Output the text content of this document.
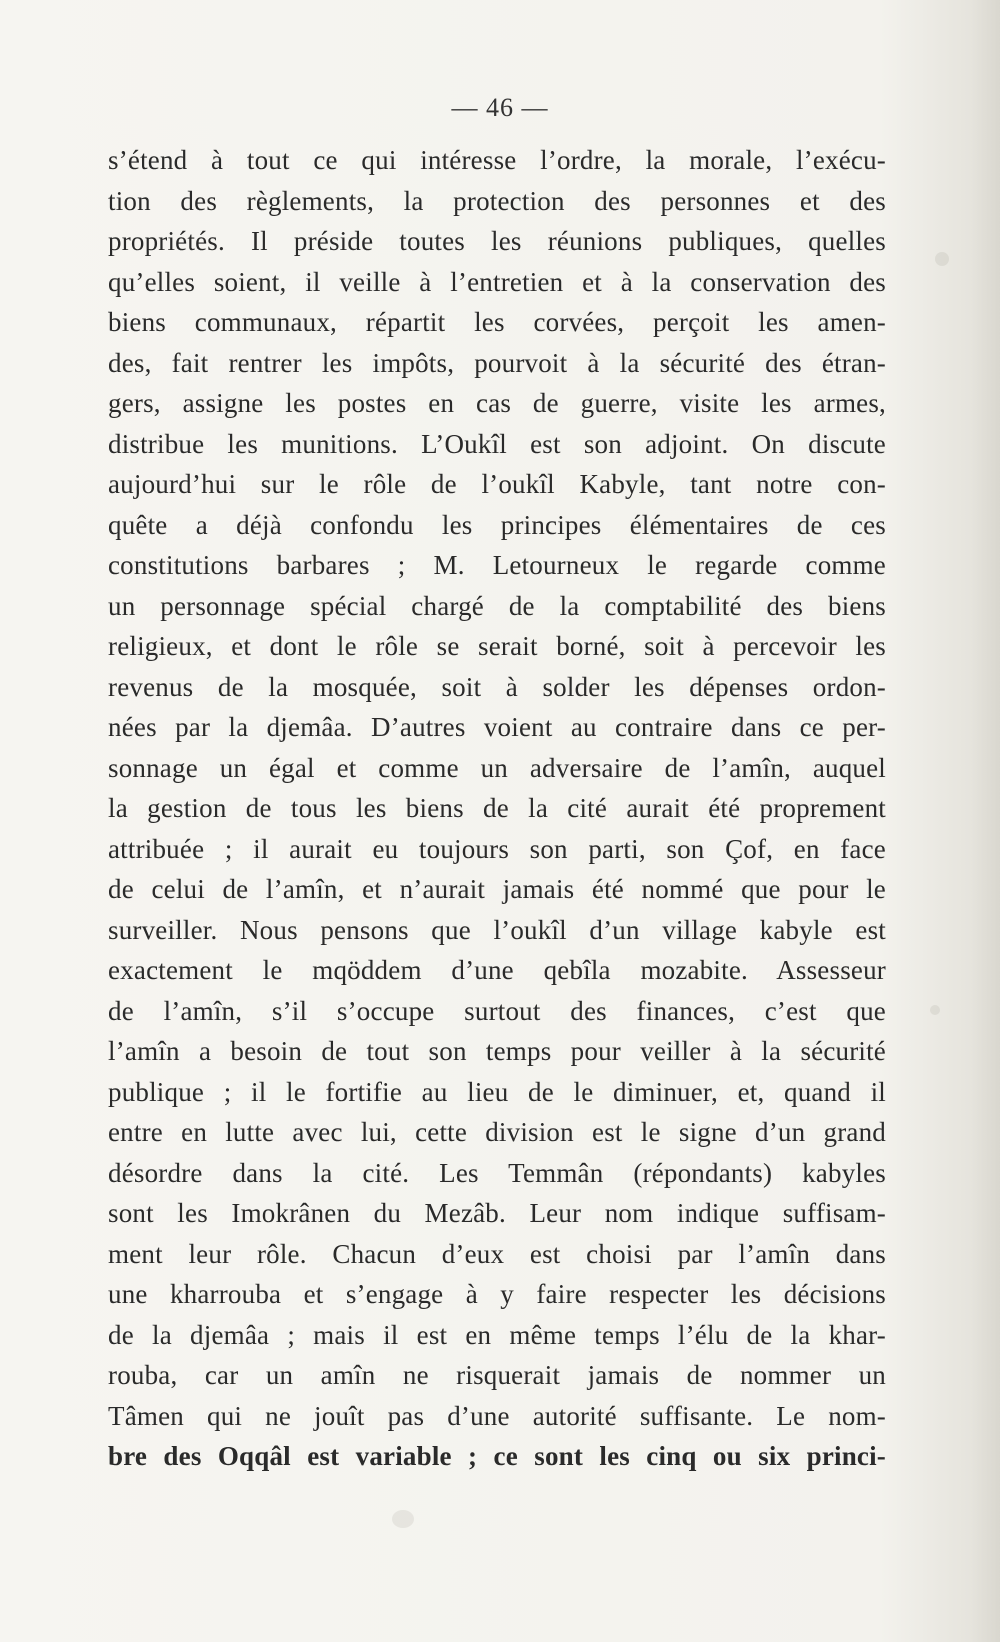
— 46 —
s’étend à tout ce qui intéresse l’ordre, la morale, l’exécu-
tion des règlements, la protection des personnes et des
propriétés. Il préside toutes les réunions publiques, quelles
qu’elles soient, il veille à l’entretien et à la conservation des
biens communaux, répartit les corvées, perçoit les amen-
des, fait rentrer les impôts, pourvoit à la sécurité des étran-
gers, assigne les postes en cas de guerre, visite les armes,
distribue les munitions. L’Oukîl est son adjoint. On discute
aujourd’hui sur le rôle de l’oukîl Kabyle, tant notre con-
quête a déjà confondu les principes élémentaires de ces
constitutions barbares ; M. Letourneux le regarde comme
un personnage spécial chargé de la comptabilité des biens
religieux, et dont le rôle se serait borné, soit à percevoir les
revenus de la mosquée, soit à solder les dépenses ordon-
nées par la djemâa. D’autres voient au contraire dans ce per-
sonnage un égal et comme un adversaire de l’amîn, auquel
la gestion de tous les biens de la cité aurait été proprement
attribuée ; il aurait eu toujours son parti, son Çof, en face
de celui de l’amîn, et n’aurait jamais été nommé que pour le
surveiller. Nous pensons que l’oukîl d’un village kabyle est
exactement le mqöddem d’une qebîla mozabite. Assesseur
de l’amîn, s’il s’occupe surtout des finances, c’est que
l’amîn a besoin de tout son temps pour veiller à la sécurité
publique ; il le fortifie au lieu de le diminuer, et, quand il
entre en lutte avec lui, cette division est le signe d’un grand
désordre dans la cité. Les Temmân (répondants) kabyles
sont les Imokrânen du Mezâb. Leur nom indique suffisam-
ment leur rôle. Chacun d’eux est choisi par l’amîn dans
une kharrouba et s’engage à y faire respecter les décisions
de la djemâa ; mais il est en même temps l’élu de la khar-
rouba, car un amîn ne risquerait jamais de nommer un
Tâmen qui ne jouît pas d’une autorité suffisante. Le nom-
bre des Oqqâl est variable ; ce sont les cinq ou six princi-
